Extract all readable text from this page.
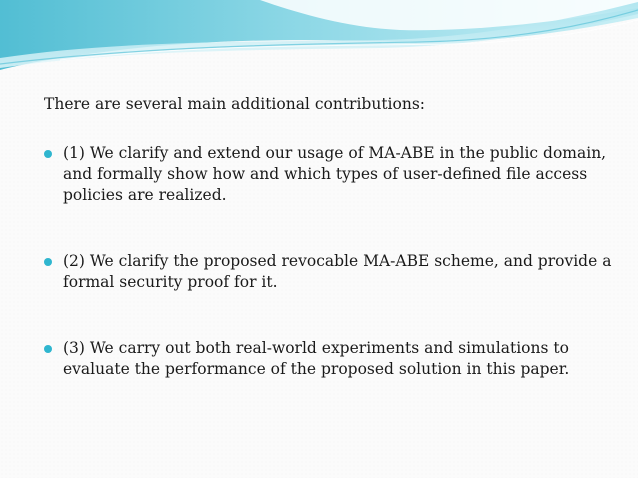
There are several main additional contributions:

(1) We clarify and extend our usage of MA-ABE in the public domain, and formally show how and which types of user-defined file access policies are realized.
(2) We clarify the proposed revocable MA-ABE scheme, and provide a formal security proof for it.
(3) We carry out both real-world experiments and simulations to evaluate the performance of the proposed solution in this paper.
